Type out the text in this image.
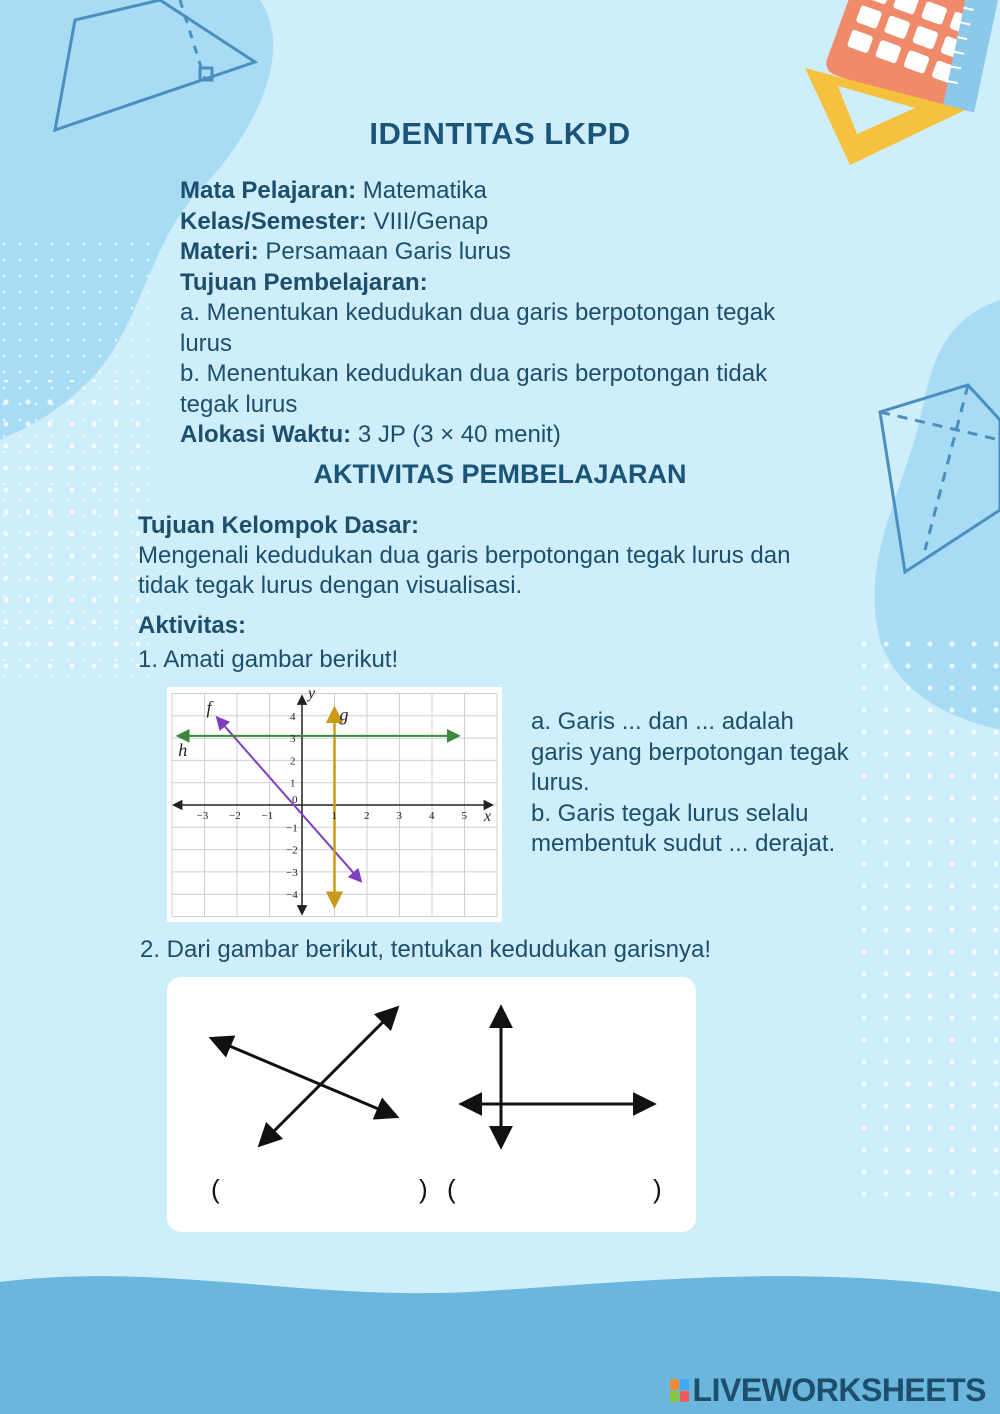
IDENTITAS LKPD
Mata Pelajaran: Matematika
Kelas/Semester: VIII/Genap
Materi: Persamaan Garis lurus
Tujuan Pembelajaran:
a. Menentukan kedudukan dua garis berpotongan tegak lurus
b. Menentukan kedudukan dua garis berpotongan tidak tegak lurus
Alokasi Waktu: 3 JP (3 × 40 menit)
AKTIVITAS PEMBELAJARAN
Tujuan Kelompok Dasar:
Mengenali kedudukan dua garis berpotongan tegak lurus dan tidak tegak lurus dengan visualisasi.
Aktivitas:
1. Amati gambar berikut!
−3 −2 −1	1 2 3 4 5
4
3
2
1
−1
−2
−3
−4
0
x
y
f	g
h
a. Garis ... dan ... adalah garis yang berpotongan tegak lurus.
b. Garis tegak lurus selalu membentuk sudut ... derajat.
2. Dari gambar berikut, tentukan kedudukan garisnya!
(	) (	)
LIVEWORKSHEETS
